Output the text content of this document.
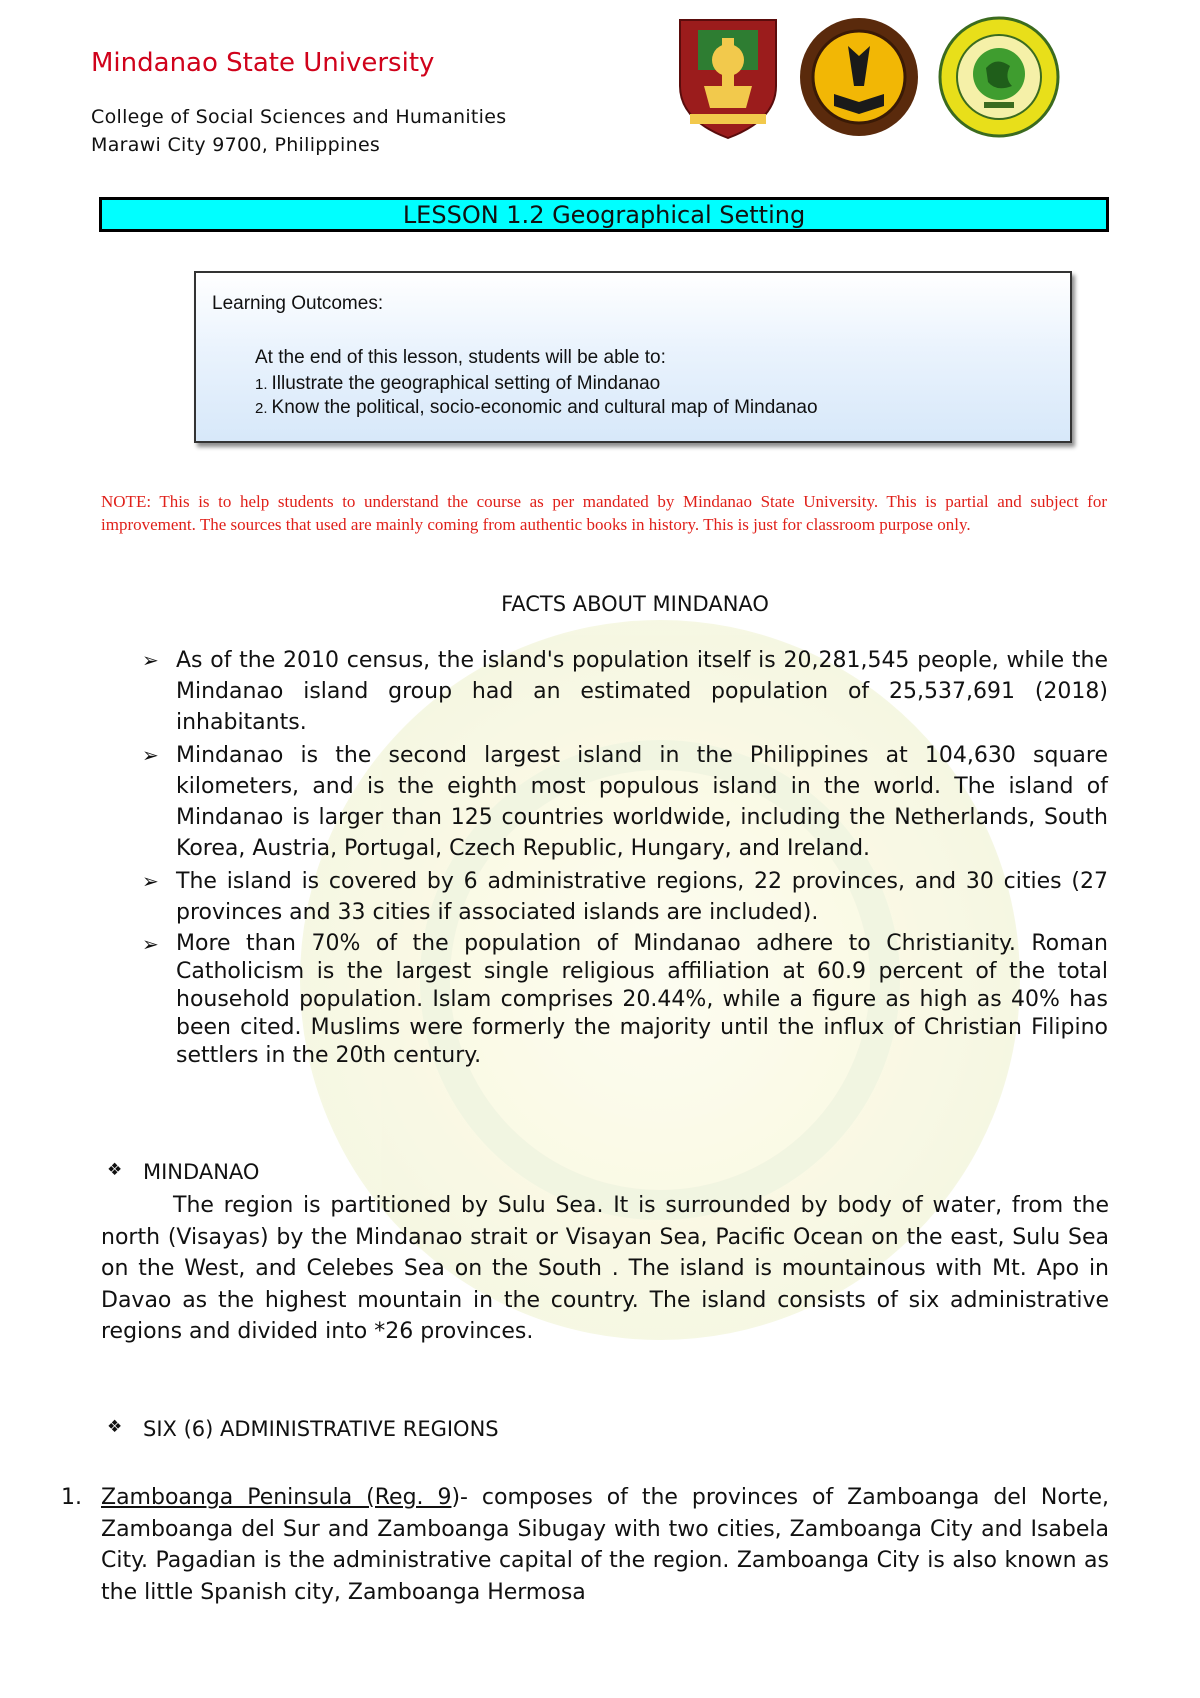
Mindanao State University
College of Social Sciences and Humanities
Marawi City 9700, Philippines
LESSON 1.2 Geographical Setting
Learning Outcomes:
At the end of this lesson, students will be able to:
1. Illustrate the geographical setting of Mindanao
2. Know the political, socio-economic and cultural map of Mindanao
NOTE: This is to help students to understand the course as per mandated by Mindanao State University. This is partial and subject for improvement. The sources that used are mainly coming from authentic books in history. This is just for classroom purpose only.
FACTS ABOUT MINDANAO
➢ As of the 2010 census, the island's population itself is 20,281,545 people, while the Mindanao island group had an estimated population of 25,537,691 (2018) inhabitants.
➢ Mindanao is the second largest island in the Philippines at 104,630 square kilometers, and is the eighth most populous island in the world. The island of Mindanao is larger than 125 countries worldwide, including the Netherlands, South Korea, Austria, Portugal, Czech Republic, Hungary, and Ireland.
➢ The island is covered by 6 administrative regions, 22 provinces, and 30 cities (27 provinces and 33 cities if associated islands are included).
➢ More than 70% of the population of Mindanao adhere to Christianity. Roman Catholicism is the largest single religious affiliation at 60.9 percent of the total household population. Islam comprises 20.44%, while a figure as high as 40% has been cited. Muslims were formerly the majority until the influx of Christian Filipino settlers in the 20th century.
❖ MINDANAO

The region is partitioned by Sulu Sea. It is surrounded by body of water, from the north (Visayas) by the Mindanao strait or Visayan Sea, Pacific Ocean on the east, Sulu Sea on the West, and Celebes Sea on the South . The island is mountainous with Mt. Apo in Davao as the highest mountain in the country. The island consists of six administrative regions and divided into *26 provinces.

❖ SIX (6) ADMINISTRATIVE REGIONS
1. Zamboanga Peninsula (Reg. 9)- composes of the provinces of Zamboanga del Norte, Zamboanga del Sur and Zamboanga Sibugay with two cities, Zamboanga City and Isabela City. Pagadian is the administrative capital of the region. Zamboanga City is also known as the little Spanish city, Zamboanga Hermosa
